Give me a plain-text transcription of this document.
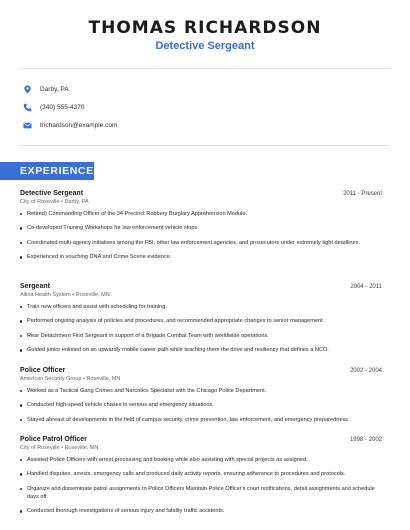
THOMAS RICHARDSON
Detective Sergeant
Darby, PA
(340) 555-4370
trichardson@example.com
EXPERIENCE
Detective Sergeant	2011 - Present
City of Roseville • Darby, PA
Retired) Commanding Officer of the 34 Precinct Robbery Burglary Apprehension Module.
Co-developed Training Workshops for law enforcement vehicle stops.
Coordinated multi-agency initiatives among the FBI, other law enforcement agencies, and prosecutors under extremely tight deadlines.
Experienced in vouching DNA and Crime Scene evidence.
Sergeant	2004 - 2011
Allina Health System • Roseville, MN
Train new officers and assist with scheduling for training.
Performed ongoing analysis of policies and procedures, and recommended appropriate changes to senior management.
Rear Detachment First Sergeant in support of a Brigade Combat Team with worldwide operations.
Guided junior enlisted on an upwardly mobile career path while teaching them the drive and resiliency that defines a NCO.
Police Officer	2002 - 2004
American Security Group • Roseville, MN
Worked as a Tactical Gang Crimes and Narcotics Specialist with the Chicago Police Department.
Conducted high-speed vehicle chases in serious and emergency situations.
Stayed abreast of developments in the field of campus security, crime prevention, law enforcement, and emergency preparedness.
Police Patrol Officer	1998 - 2002
City of Roseville • Roseville, MN
Assisted Police Officers with arrest processing and booking while also assisting with special projects as assigned.
Handled disputes, arrests, emergency calls and produced daily activity reports, ensuring adherence to procedures and protocols.
Organize and disseminate patrol assignments to Police Officers Maintain Police Officer's court notifications, detail assignments and schedule days off.
Conducted thorough investigations of serious injury and fatality traffic accidents.
